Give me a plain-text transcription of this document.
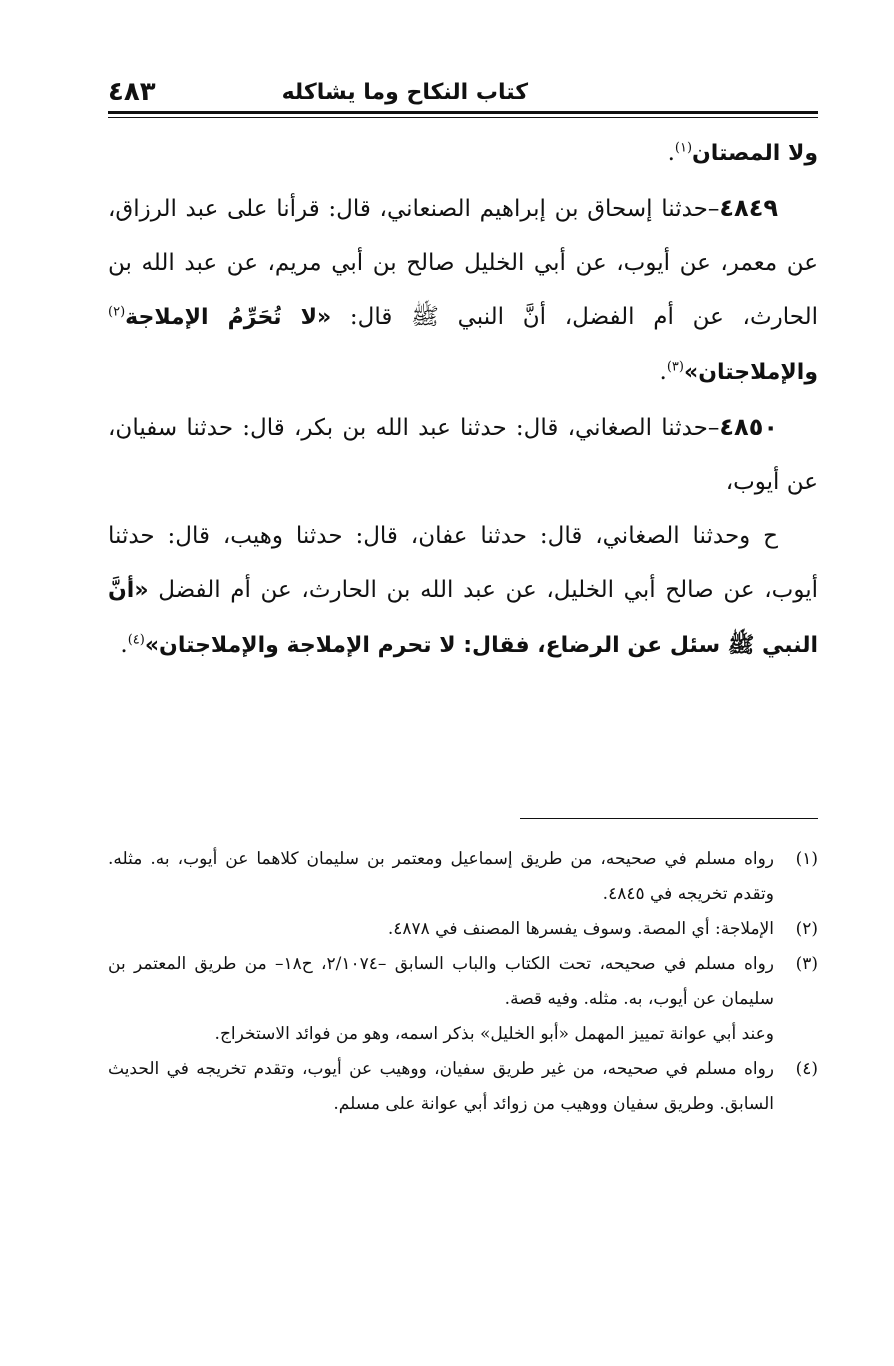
كتاب النكاح وما يشاكله
٤٨٣

ولا المصتان$^{(١)}$.

٤٨٤٩–حدثنا إسحاق بن إبراهيم الصنعاني، قال: قرأنا على عبد الرزاق، عن معمر، عن أيوب، عن أبي الخليل صالح بن أبي مريم، عن عبد الله بن الحارث، عن أم الفضل، أنَّ النبي ﷺ قال: «لا تُحَرِّمُ الإملاجة$^{(٢)}$ والإملاجتان»$^{(٣)}$.

٤٨٥٠–حدثنا الصغاني، قال: حدثنا عبد الله بن بكر، قال: حدثنا سفيان، عن أيوب،

ح وحدثنا الصغاني، قال: حدثنا عفان، قال: حدثنا وهيب، قال: حدثنا أيوب، عن صالح أبي الخليل، عن عبد الله بن الحارث، عن أم الفضل «أنَّ النبي ﷺ سئل عن الرضاع، فقال: لا تحرم الإملاجة والإملاجتان»$^{(٤)}$.

(١)رواه مسلم في صحيحه، من طريق إسماعيل ومعتمر بن سليمان كلاهما عن أيوب، به. مثله. وتقدم تخريجه في ٤٨٤٥.

(٢)الإملاجة: أي المصة. وسوف يفسرها المصنف في ٤٨٧٨.

(٣)رواه مسلم في صحيحه، تحت الكتاب والباب السابق –٢/١٠٧٤، ح١٨– من طريق المعتمر بن سليمان عن أيوب، به. مثله. وفيه قصة.

وعند أبي عوانة تمييز المهمل «أبو الخليل» بذكر اسمه، وهو من فوائد الاستخراج.

(٤)رواه مسلم في صحيحه، من غير طريق سفيان، ووهيب عن أيوب، وتقدم تخريجه في الحديث السابق. وطريق سفيان ووهيب من زوائد أبي عوانة على مسلم.
